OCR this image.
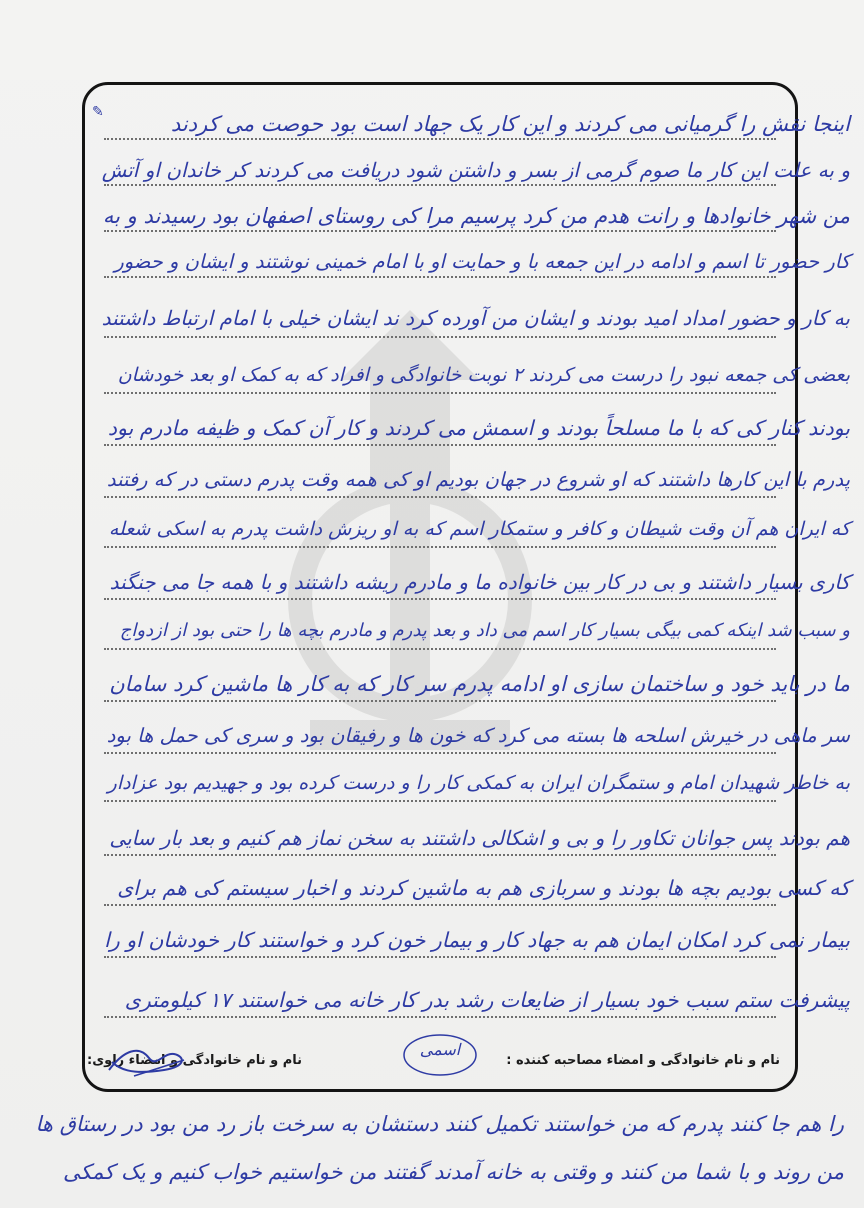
✎	اینجا نقش را گرمیانی می کردند و این کار یک جهاد است بود حوصت می کردند
و به علت این کار ما صوم گرمی از بسر و داشتن شود دریافت می کردند کر خاندان او آتش
من شهر خانوادها و رانت هدم من کرد پرسیم مرا کی روستای اصفهان بود رسیدند و به
کار حضور تا اسم و ادامه در این جمعه با و حمایت او با امام خمینی نوشتند و ایشان و حضور
به کار و حضور امداد امید بودند و ایشان من آورده کرد ند ایشان خیلی با امام ارتباط داشتند
بعضی کی جمعه نبود را درست می کردند ۲ نوبت خانوادگی و افراد که به کمک او بعد خودشان
بودند کنار کی که با ما مسلحاً بودند و اسمش می کردند و کار آن کمک و ظیفه مادرم بود
پدرم با این کارها داشتند که او شروع در جهان بودیم او کی همه وقت پدرم دستی در که رفتند
که ایران هم آن وقت شیطان و کافر و ستمکار اسم که به او ریزش داشت پدرم به اسکی شعله
کاری بسیار داشتند و بی در کار بین خانواده ما و مادرم ریشه داشتند و با همه جا می جنگند
و سبب شد اینکه کمی بیگی بسیار کار اسم می داد و بعد پدرم و مادرم بچه ها را حتی بود از ازدواج
ما در باید خود و ساختمان سازی او ادامه پدرم سر کار که به کار ها ماشین کرد سامان
سر ماهی در خیرش اسلحه ها بسته می کرد که خون ها و رفیقان بود و سری کی حمل ها بود
به خاطر شهیدان امام و ستمگران ایران به کمکی کار را و درست کرده بود و جهیدیم بود عزادار
هم بودند پس جوانان تکاور را و بی و اشکالی داشتند به سخن نماز هم کنیم و بعد بار سایی
که کسی بودیم بچه ها بودند و سربازی هم به ماشین کردند و اخبار سیستم کی هم برای
بیمار نمی کرد امکان ایمان هم به جهاد کار و بیمار خون کرد و خواستند کار خودشان او را
پیشرفت ستم سبب خود بسیار از ضایعات رشد بدر کار خانه می خواستند ۱۷ کیلومتری
نام و نام خانوادگی و امضاء راوی:	نام و نام خانوادگی و امضاء مصاحبه کننده :
اسمی
را هم جا کنند پدرم که من خواستند تکمیل کنند دستشان به سرخت باز رد من بود در رستاق ها
من روند و با شما من کنند و وقتی به خانه آمدند گفتند من خواستیم خواب کنیم و یک کمکی
